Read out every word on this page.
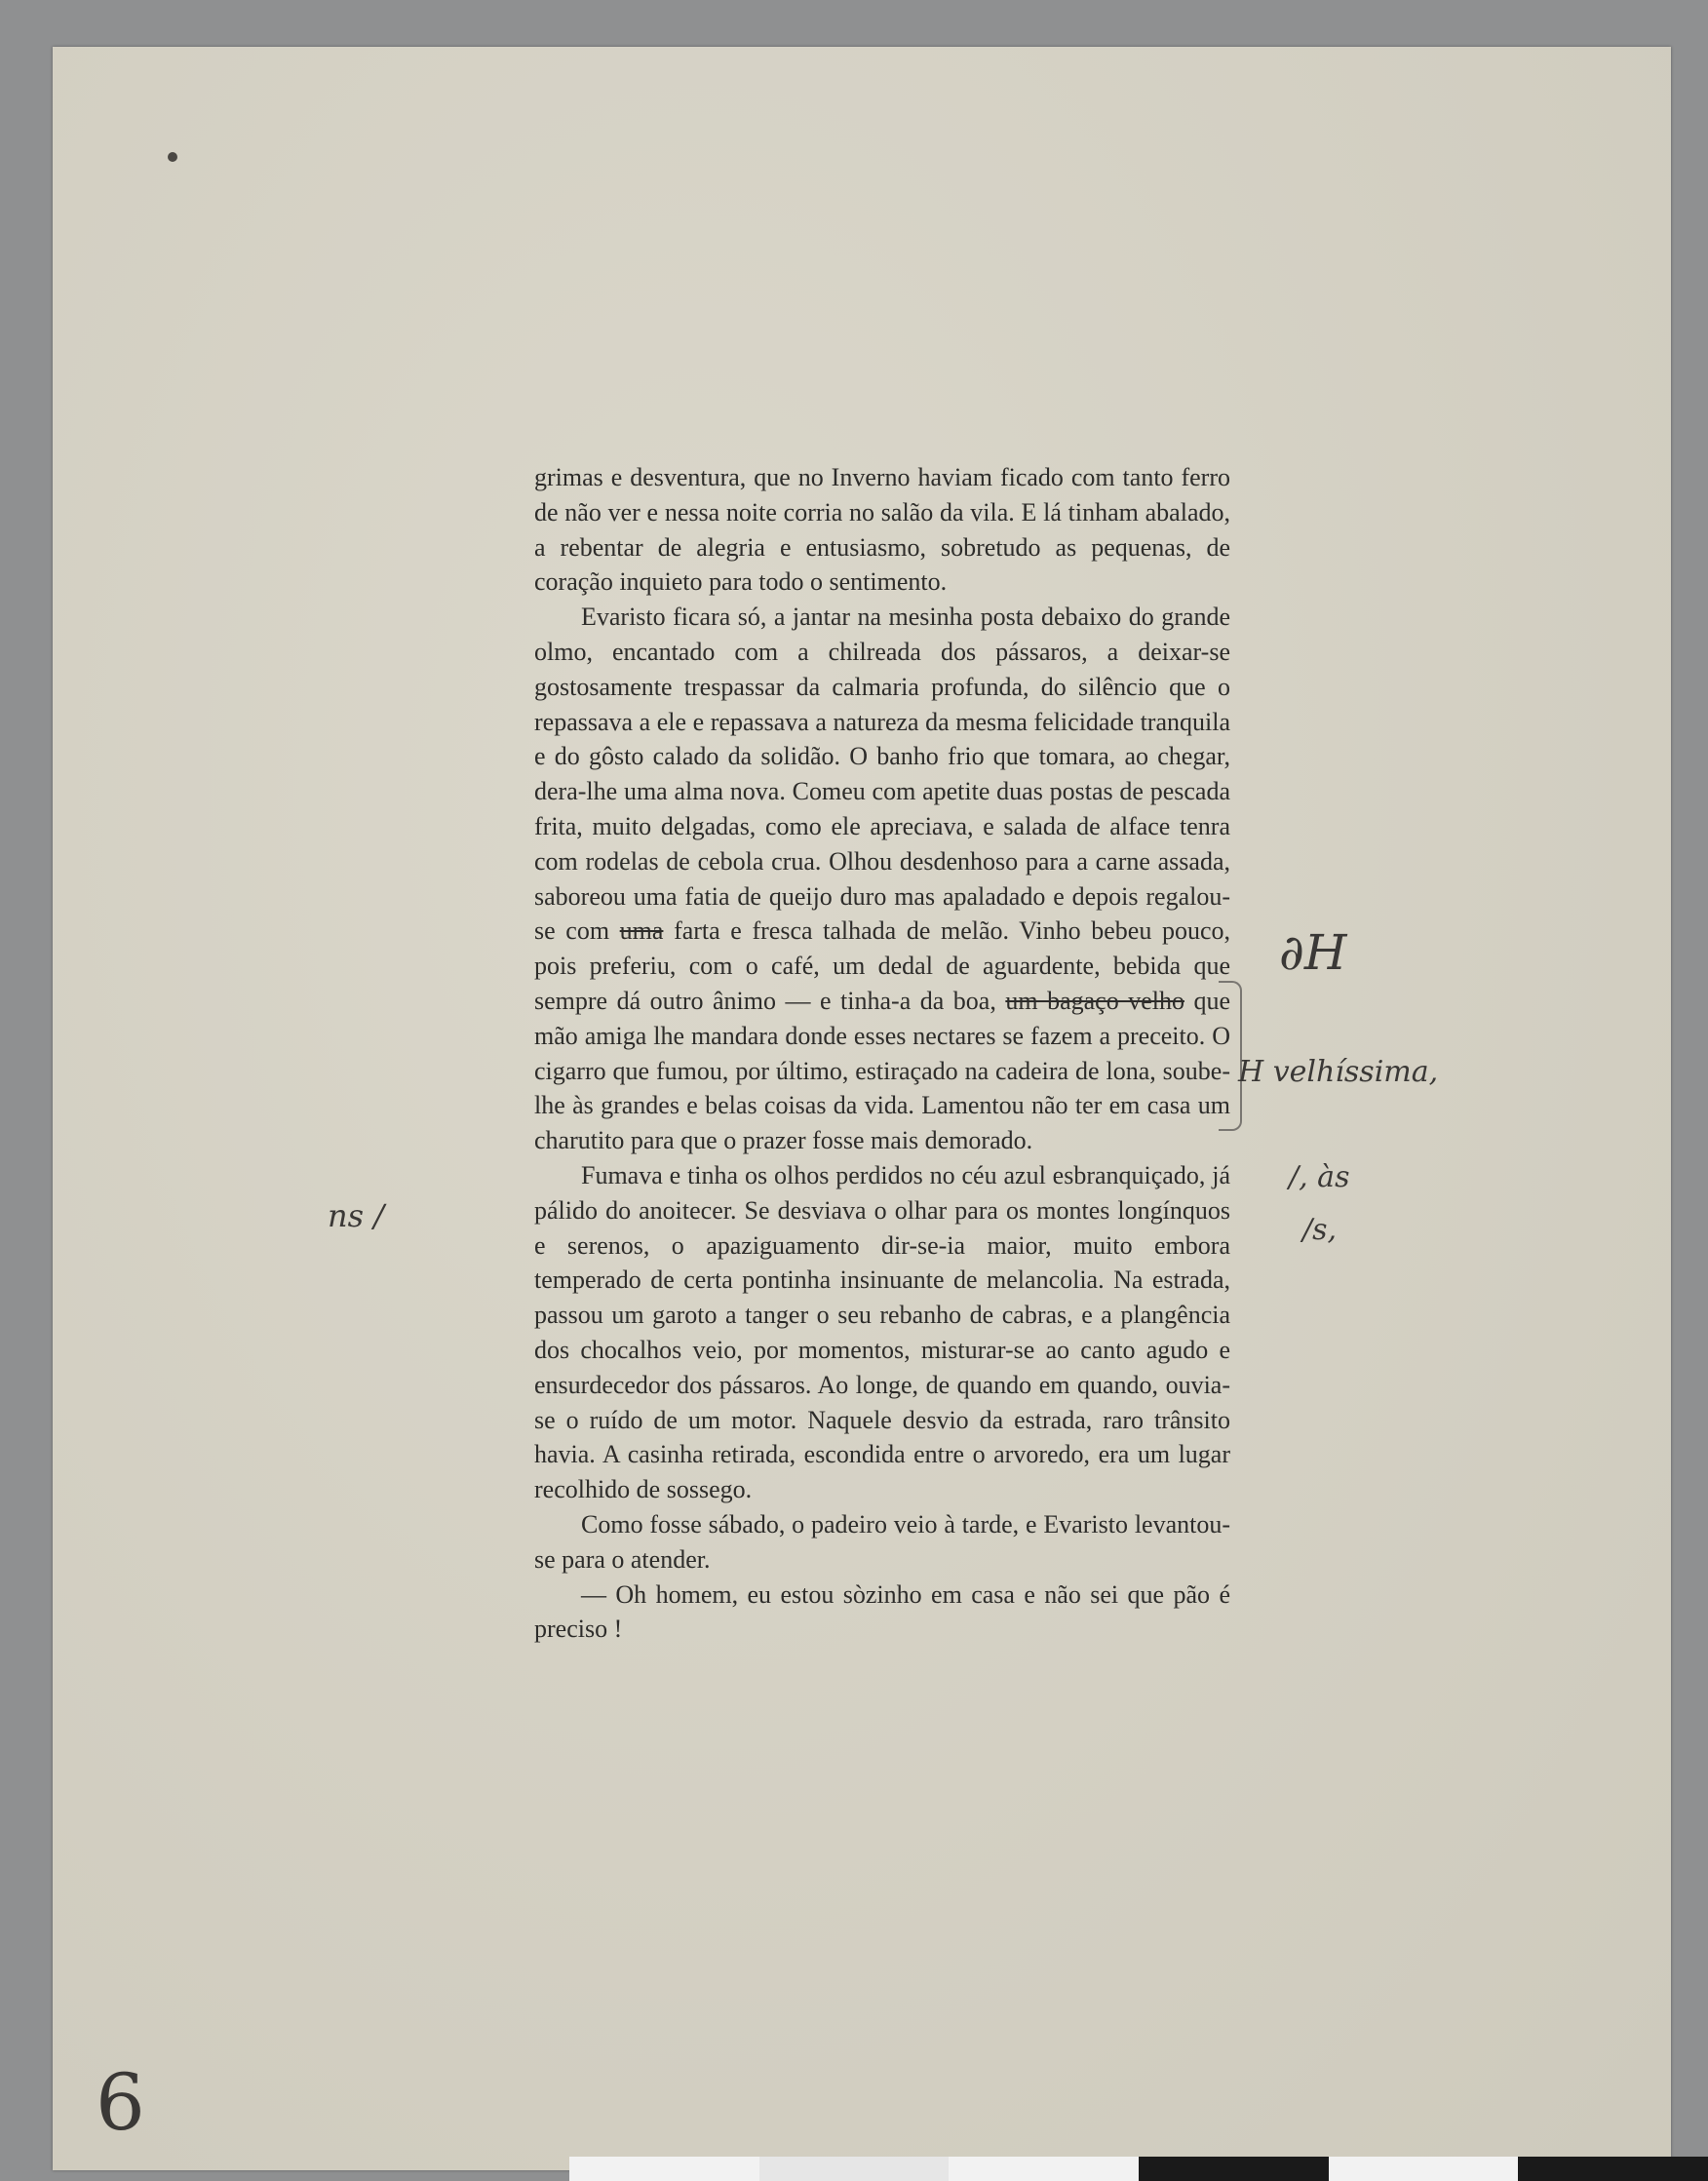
grimas e desventura, que no Inverno haviam ficado com tanto ferro de não ver e nessa noite corria no salão da vila. E lá tinham abalado, a rebentar de alegria e entusiasmo, sobretudo as pequenas, de coração inquieto para todo o sentimento.

Evaristo ficara só, a jantar na mesinha posta debaixo do grande olmo, encantado com a chilreada dos pássaros, a deixar-se gostosamente trespassar da calmaria profunda, do silêncio que o repassava a ele e repassava a natureza da mesma felicidade tranquila e do gôsto calado da solidão. O banho frio que tomara, ao chegar, dera-lhe uma alma nova. Comeu com apetite duas postas de pescada frita, muito delgadas, como ele apreciava, e salada de alface tenra com rodelas de cebola crua. Olhou desdenhoso para a carne assada, saboreou uma fatia de queijo duro mas apaladado e depois regalou-se com uma farta e fresca talhada de melão. Vinho bebeu pouco, pois preferiu, com o café, um dedal de aguardente, bebida que sempre dá outro ânimo — e tinha-a da boa, um bagaço velho que mão amiga lhe mandara donde esses nectares se fazem a preceito. O cigarro que fumou, por último, estiraçado na cadeira de lona, soube-lhe às grandes e belas coisas da vida. Lamentou não ter em casa um charutito para que o prazer fosse mais demorado.

Fumava e tinha os olhos perdidos no céu azul esbranquiçado, já pálido do anoitecer. Se desviava o olhar para os montes longínquos e serenos, o apaziguamento dir-se-ia maior, muito embora temperado de certa pontinha insinuante de melancolia. Na estrada, passou um garoto a tanger o seu rebanho de cabras, e a plangência dos chocalhos veio, por momentos, misturar-se ao canto agudo e ensurdecedor dos pássaros. Ao longe, de quando em quando, ouvia-se o ruído de um motor. Naquele desvio da estrada, raro trânsito havia. A casinha retirada, escondida entre o arvoredo, era um lugar recolhido de sossego.

Como fosse sábado, o padeiro veio à tarde, e Evaristo levantou-se para o atender.

— Oh homem, eu estou sòzinho em casa e não sei que pão é preciso !

∂H
H velhíssima,
/, às
/s,
ns /
6
